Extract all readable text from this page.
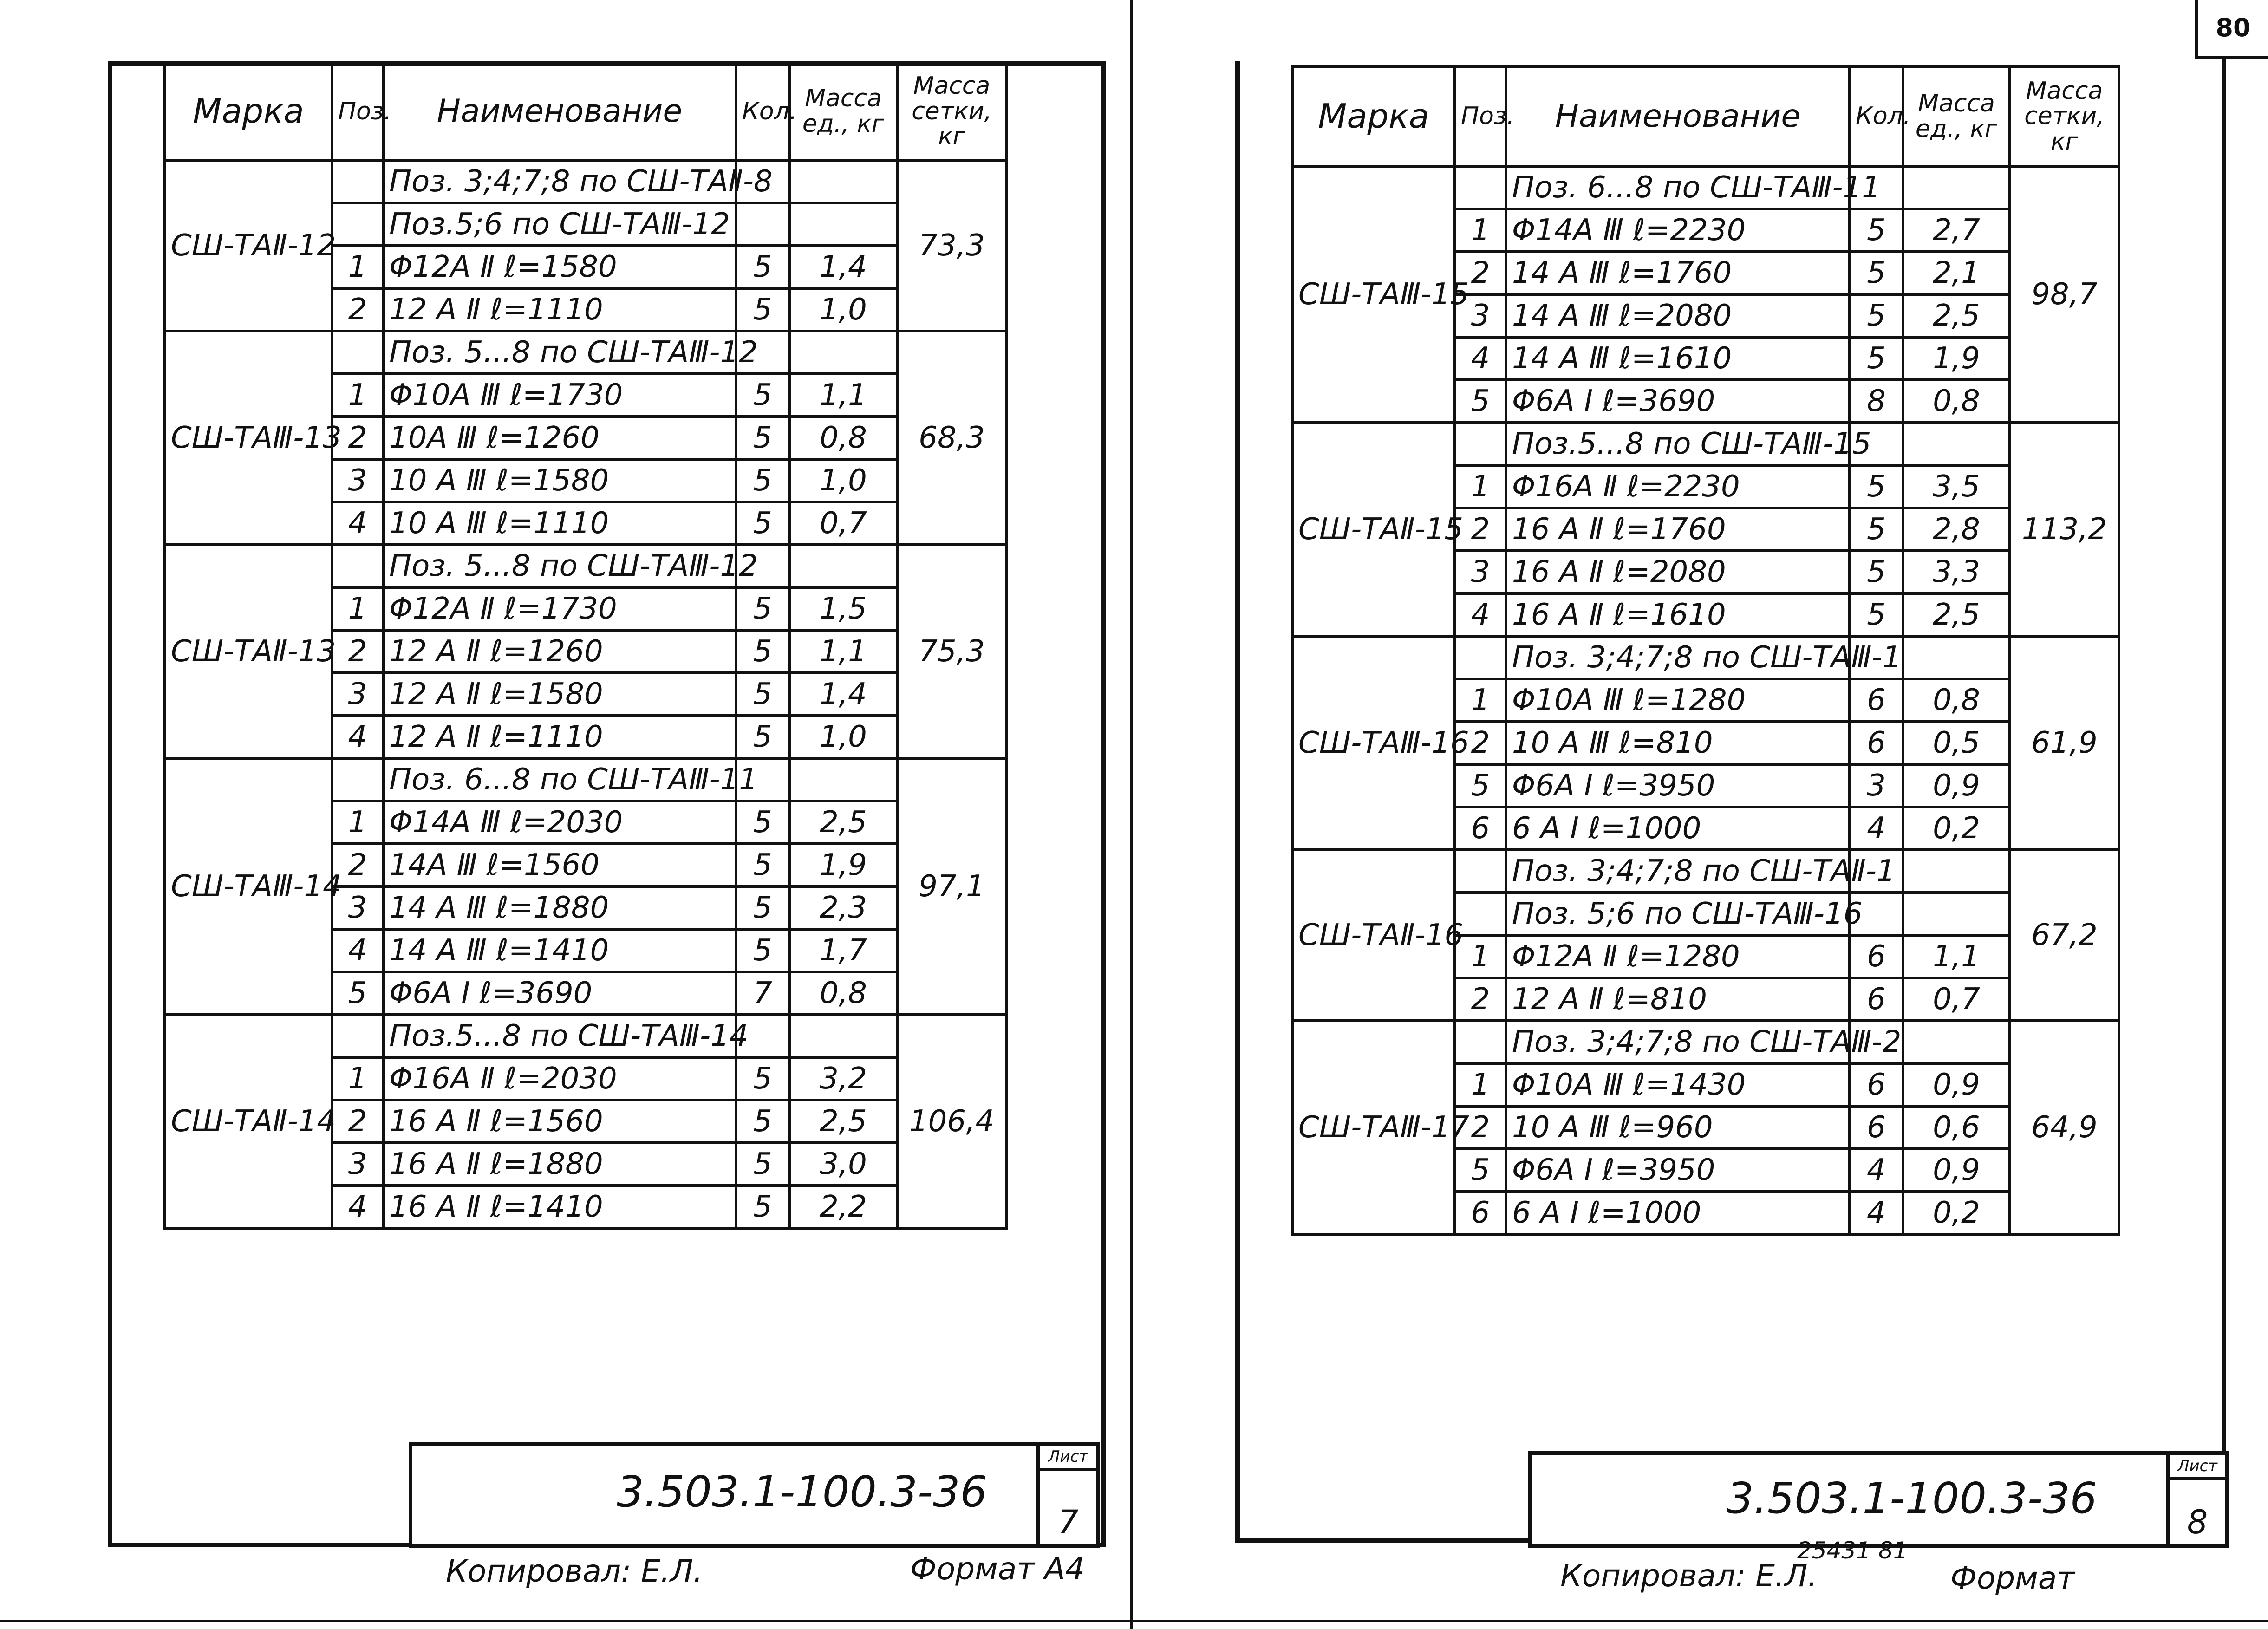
Марка	Поз.	Наименование	Кол.	Масса ед., кг	Масса сетки, кг
СШ-ТАⅡ-12		Поз. 3;4;7;8 по СШ-ТАⅡ-8			73,3
		Поз.5;6 по СШ-ТАⅢ-12			
	1	Φ12А Ⅱ ℓ=1580	5	1,4	
	2	12 А Ⅱ ℓ=1110	5	1,0	
СШ-ТАⅢ-13		Поз. 5...8 по СШ-ТАⅢ-12			68,3
	1	Φ10А Ⅲ ℓ=1730	5	1,1	
	2	10А Ⅲ ℓ=1260	5	0,8	
	3	10 А Ⅲ ℓ=1580	5	1,0	
	4	10 А Ⅲ ℓ=1110	5	0,7	
СШ-ТАⅡ-13		Поз. 5...8 по СШ-ТАⅢ-12			75,3
	1	Φ12А Ⅱ ℓ=1730	5	1,5	
	2	12 А Ⅱ ℓ=1260	5	1,1	
	3	12 А Ⅱ ℓ=1580	5	1,4	
	4	12 А Ⅱ ℓ=1110	5	1,0	
СШ-ТАⅢ-14		Поз. 6...8 по СШ-ТАⅢ-11			97,1
	1	Φ14А Ⅲ ℓ=2030	5	2,5	
	2	14А Ⅲ ℓ=1560	5	1,9	
	3	14 А Ⅲ ℓ=1880	5	2,3	
	4	14 А Ⅲ ℓ=1410	5	1,7	
	5	Φ6А I ℓ=3690	7	0,8	
СШ-ТАⅡ-14		Поз.5...8 по СШ-ТАⅢ-14			106,4
	1	Φ16А Ⅱ ℓ=2030	5	3,2	
	2	16 А Ⅱ ℓ=1560	5	2,5	
	3	16 А Ⅱ ℓ=1880	5	3,0	
	4	16 А Ⅱ ℓ=1410	5	2,2	
3.503.1-100.3-36
Лист
7
Копировал: Е.Л.	Формат А4
80
Марка	Поз.	Наименование	Кол.	Масса ед., кг	Масса сетки, кг
СШ-ТАⅢ-15		Поз. 6...8 по СШ-ТАⅢ-11			98,7
	1	Φ14А Ⅲ ℓ=2230	5	2,7	
	2	14 А Ⅲ ℓ=1760	5	2,1	
	3	14 А Ⅲ ℓ=2080	5	2,5	
	4	14 А Ⅲ ℓ=1610	5	1,9	
	5	Φ6А I ℓ=3690	8	0,8	
СШ-ТАⅡ-15		Поз.5...8 по СШ-ТАⅢ-15			113,2
	1	Φ16А Ⅱ ℓ=2230	5	3,5	
	2	16 А Ⅱ ℓ=1760	5	2,8	
	3	16 А Ⅱ ℓ=2080	5	3,3	
	4	16 А Ⅱ ℓ=1610	5	2,5	
СШ-ТАⅢ-16		Поз. 3;4;7;8 по СШ-ТАⅢ-1			61,9
	1	Φ10А Ⅲ ℓ=1280	6	0,8	
	2	10 А Ⅲ ℓ=810	6	0,5	
	5	Φ6А I ℓ=3950	3	0,9	
	6	6 А I ℓ=1000	4	0,2	
СШ-ТАⅡ-16		Поз. 3;4;7;8 по СШ-ТАⅡ-1			67,2
		Поз. 5;6 по СШ-ТАⅢ-16			
	1	Φ12А Ⅱ ℓ=1280	6	1,1	
	2	12 А Ⅱ ℓ=810	6	0,7	
СШ-ТАⅢ-17		Поз. 3;4;7;8 по СШ-ТАⅢ-2			64,9
	1	Φ10А Ⅲ ℓ=1430	6	0,9	
	2	10 А Ⅲ ℓ=960	6	0,6	
	5	Φ6А I ℓ=3950	4	0,9	
	6	6 А I ℓ=1000	4	0,2	
3.503.1-100.3-36
Лист
8
Копировал: Е.Л.
25431 81
Формат
